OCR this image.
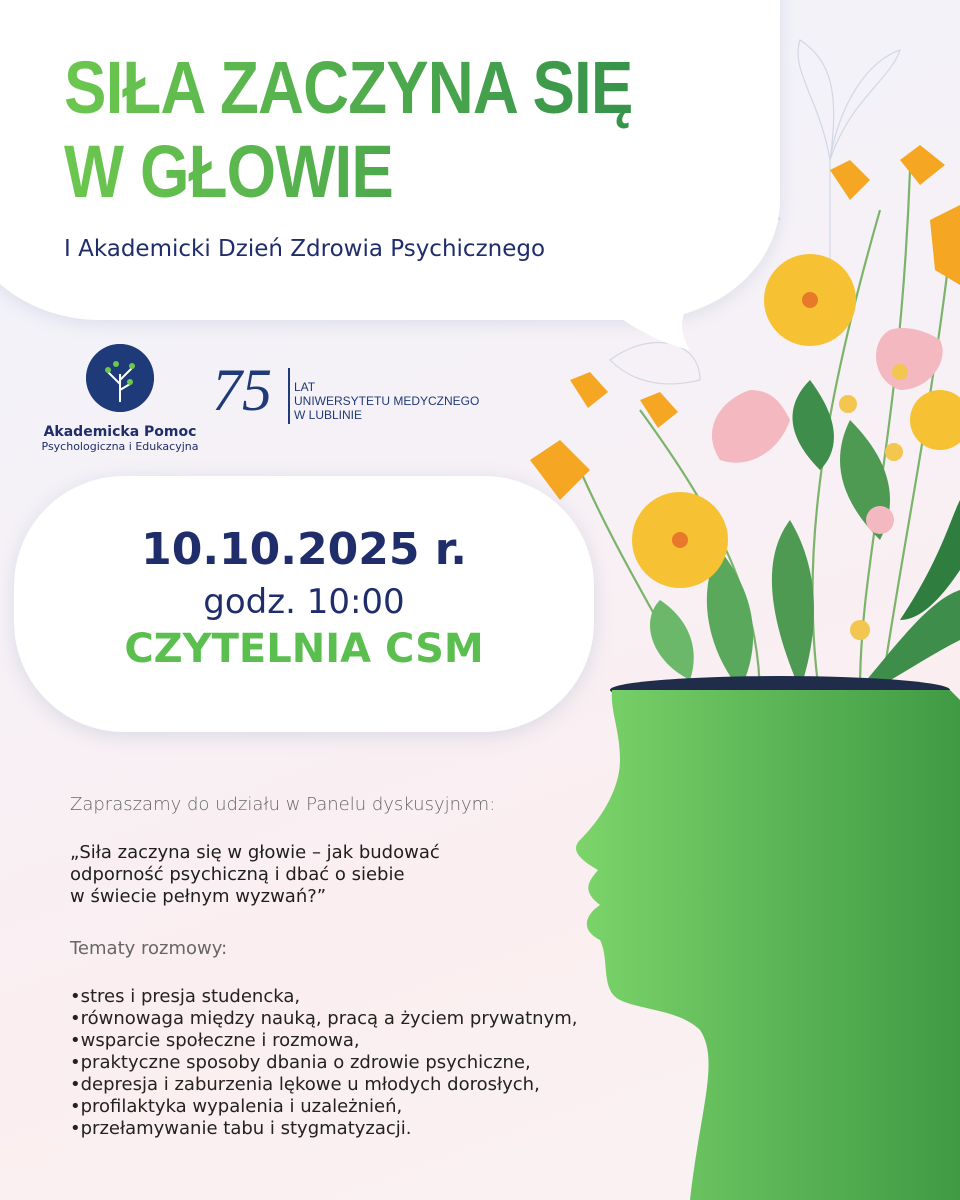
SIŁA ZACZYNA SIĘ
W GŁOWIE
I Akademicki Dzień Zdrowia Psychicznego
Akademicka Pomoc
Psychologiczna i Edukacyjna
75 LAT
UNIWERSYTETU MEDYCZNEGO
W LUBLINIE
10.10.2025 r.
godz. 10:00
CZYTELNIA CSM
Zapraszamy do udziału w Panelu dyskusyjnym:
„Siła zaczyna się w głowie – jak budować
odporność psychiczną i dbać o siebie
w świecie pełnym wyzwań?”
Tematy rozmowy:
•stres i presja studencka,
•równowaga między nauką, pracą a życiem prywatnym,
•wsparcie społeczne i rozmowa,
•praktyczne sposoby dbania o zdrowie psychiczne,
•depresja i zaburzenia lękowe u młodych dorosłych,
•profilaktyka wypalenia i uzależnień,
•przełamywanie tabu i stygmatyzacji.
